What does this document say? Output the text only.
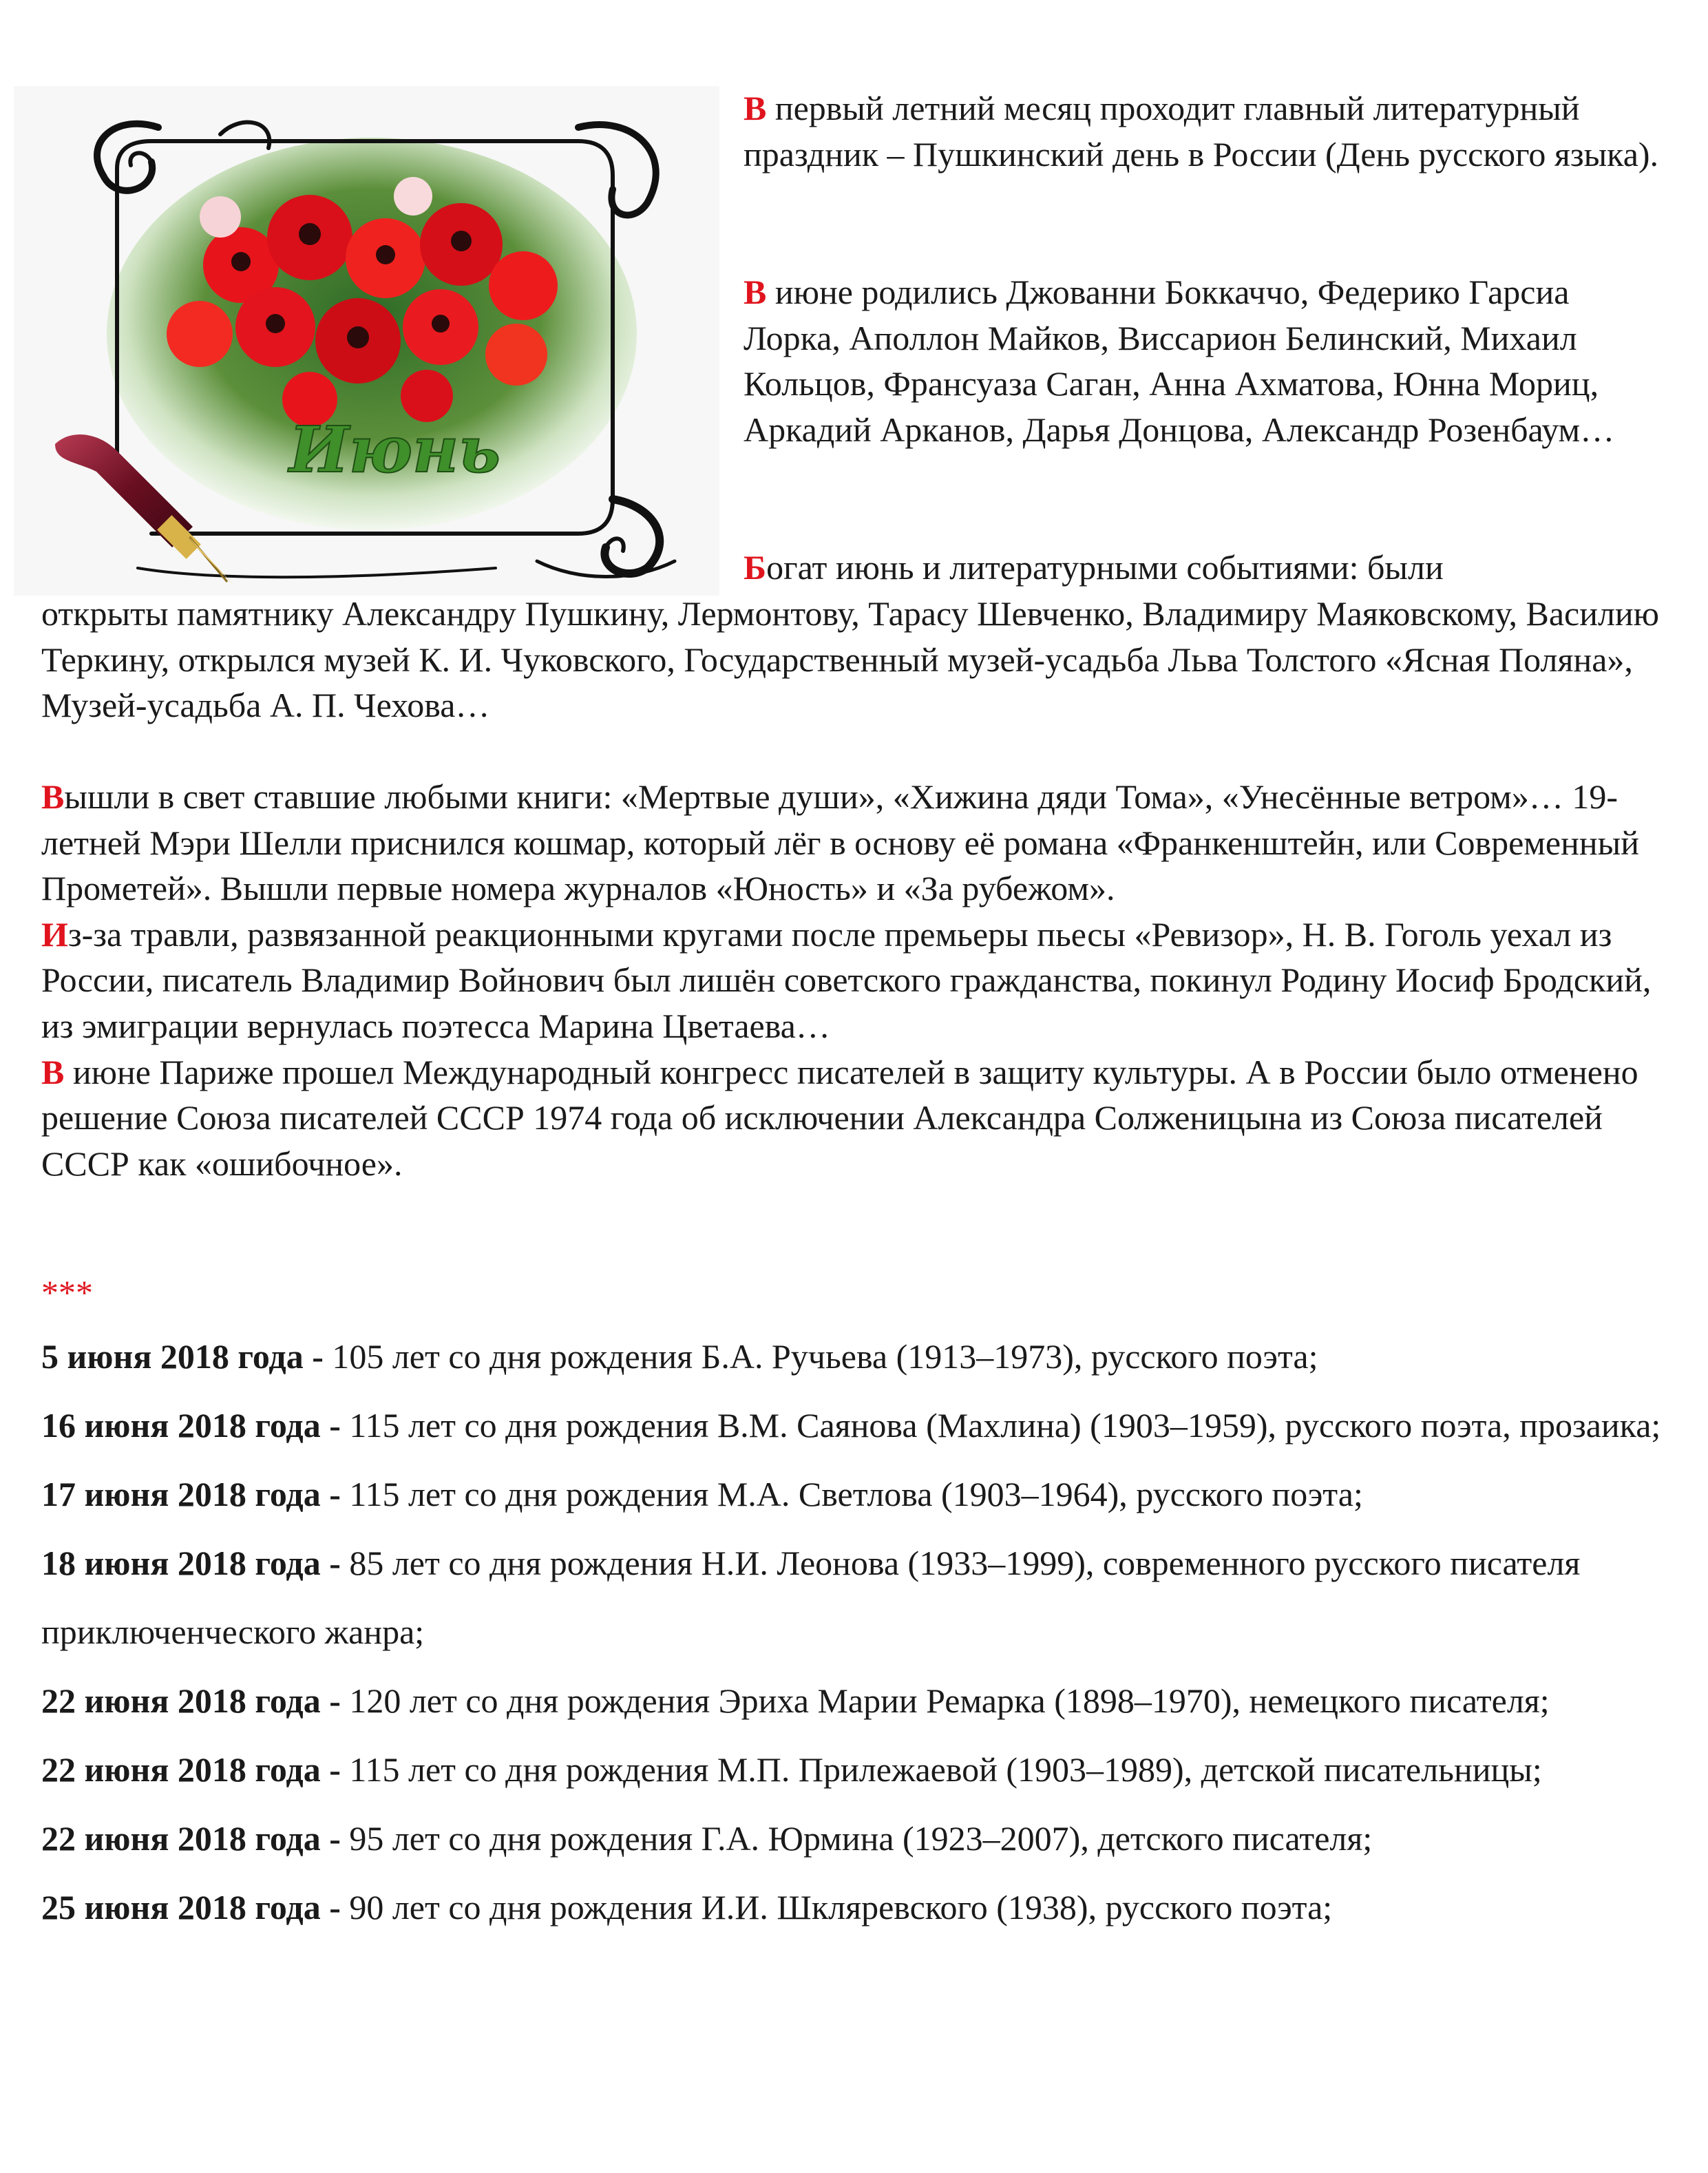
Июнь

В первый летний месяц проходит главный литературный праздник – Пушкинский день в России (День русского языка).

В июне родились Джованни Боккаччо, Федерико Гарсиа Лорка, Аполлон Майков, Виссарион Белинский, Михаил Кольцов, Франсуаза Саган, Анна Ахматова, Юнна Мориц, Аркадий Арканов, Дарья Донцова, Александр Розенбаум…

Богат июнь и литературными событиями: были

открыты памятнику Александру Пушкину, Лермонтову, Тарасу Шевченко, Владимиру Маяковскому, Василию Теркину, открылся музей К. И. Чуковского, Государственный музей-усадьба Льва Толстого «Ясная Поляна», Музей-усадьба А. П. Чехова…

Вышли в свет ставшие любыми книги: «Мертвые души», «Хижина дяди Тома», «Унесённые ветром»… 19-летней Мэри Шелли приснился кошмар, который лёг в основу её романа «Франкенштейн, или Современный Прометей». Вышли первые номера журналов «Юность» и «За рубежом».

Из-за травли, развязанной реакционными кругами после премьеры пьесы «Ревизор», Н. В. Гоголь уехал из России, писатель Владимир Войнович был лишён советского гражданства, покинул Родину Иосиф Бродский, из эмиграции вернулась поэтесса Марина Цветаева…

В июне Париже прошел Международный конгресс писателей в защиту культуры. А в России было отменено решение Союза писателей СССР 1974 года об исключении Александра Солженицына из Союза писателей СССР как «ошибочное».

***

5 июня 2018 года - 105 лет со дня рождения Б.А. Ручьева (1913–1973), русского поэта;

16 июня 2018 года - 115 лет со дня рождения В.М. Саянова (Махлина) (1903–1959), русского поэта, прозаика;

17 июня 2018 года - 115 лет со дня рождения М.А. Светлова (1903–1964), русского поэта;

18 июня 2018 года - 85 лет со дня рождения Н.И. Леонова (1933–1999), современного русского писателя приключенческого жанра;

22 июня 2018 года - 120 лет со дня рождения Эриха Марии Ремарка (1898–1970), немецкого писателя;

22 июня 2018 года - 115 лет со дня рождения М.П. Прилежаевой (1903–1989), детской писательницы;

22 июня 2018 года - 95 лет со дня рождения Г.А. Юрмина (1923–2007), детского писателя;

25 июня 2018 года - 90 лет со дня рождения И.И. Шкляревского (1938), русского поэта;
